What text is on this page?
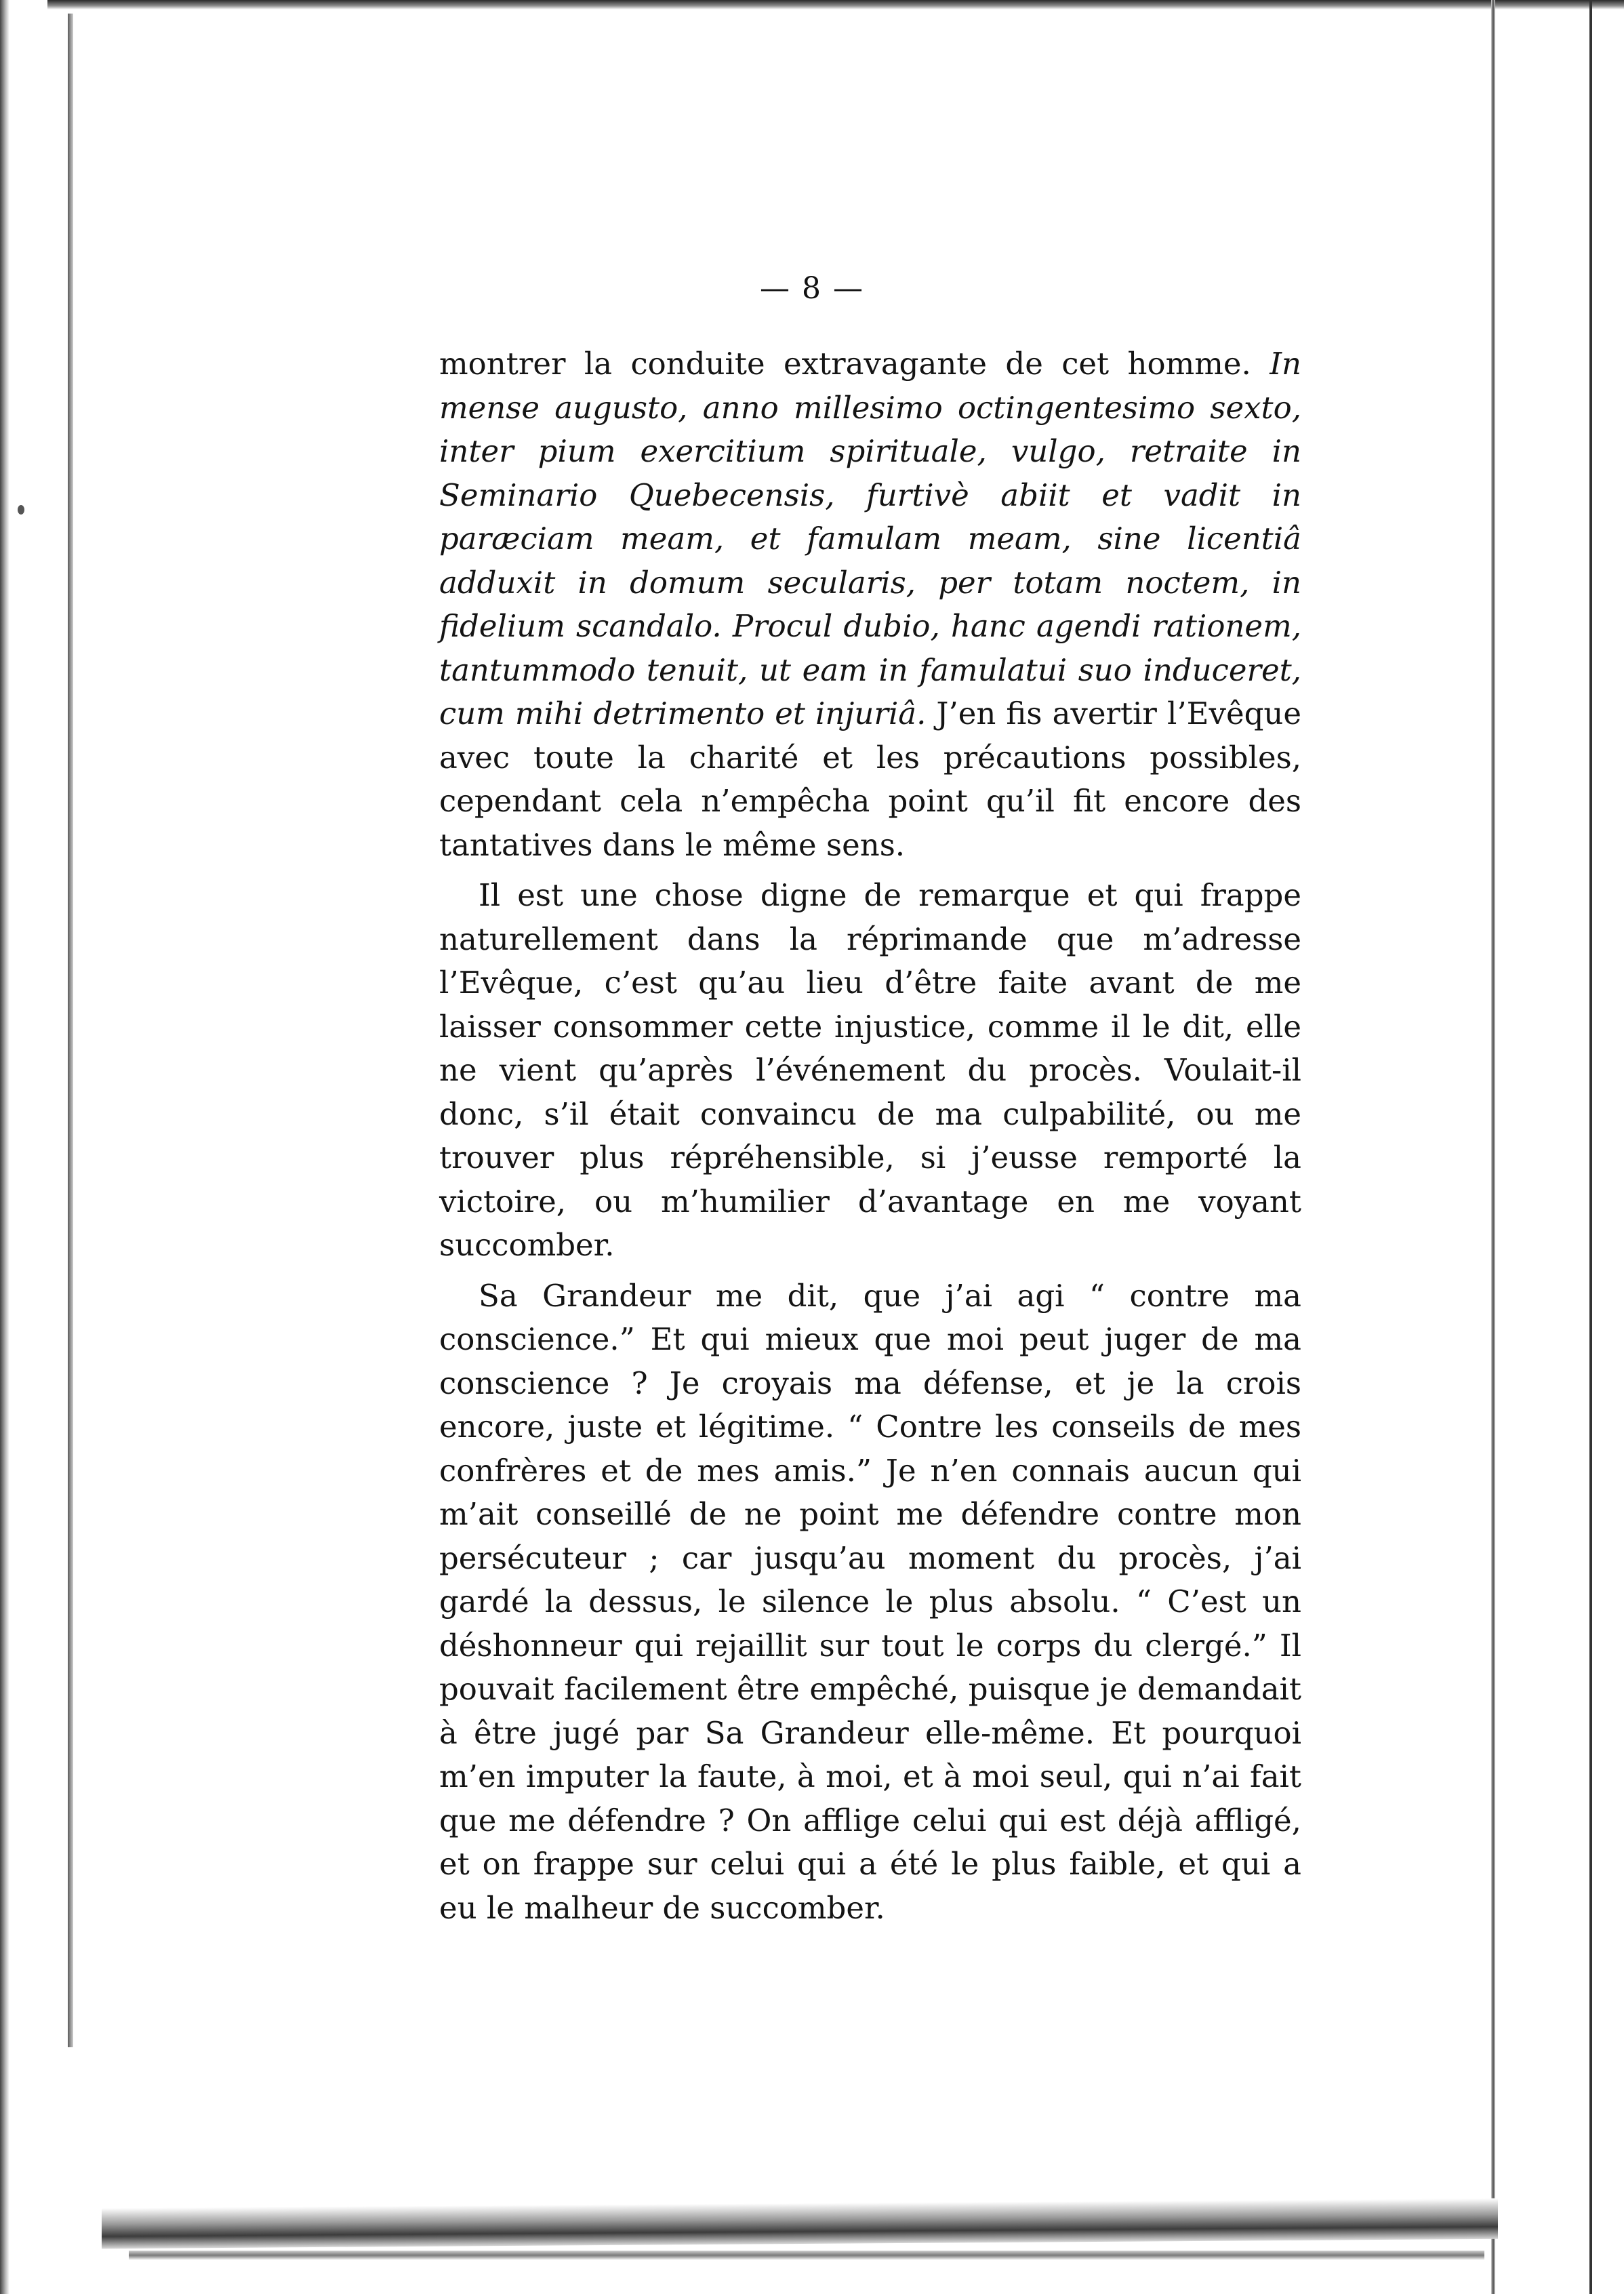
— 8 —

montrer la conduite extravagante de cet homme. In mense augusto, anno millesimo octingentesimo sexto, inter pium exercitium spirituale, vulgo, retraite in Seminario Quebecensis, furtivè abiit et vadit in paræciam meam, et famulam meam, sine licentiâ adduxit in domum secularis, per totam noctem, in fidelium scandalo. Procul dubio, hanc agendi rationem, tantummodo tenuit, ut eam in famulatui suo induceret, cum mihi detrimento et injuriâ. J’en fis avertir l’Evêque avec toute la charité et les précautions possibles, cependant cela n’empêcha point qu’il fit encore des tantatives dans le même sens.

Il est une chose digne de remarque et qui frappe naturellement dans la réprimande que m’adresse l’Evêque, c’est qu’au lieu d’être faite avant de me laisser consommer cette injustice, comme il le dit, elle ne vient qu’après l’événement du procès. Voulait-il donc, s’il était convaincu de ma culpabilité, ou me trouver plus répréhensible, si j’eusse remporté la victoire, ou m’humilier d’avantage en me voyant succomber.

Sa Grandeur me dit, que j’ai agi “ contre ma conscience.” Et qui mieux que moi peut juger de ma conscience ? Je croyais ma défense, et je la crois encore, juste et légitime. “ Contre les conseils de mes confrères et de mes amis.” Je n’en connais aucun qui m’ait conseillé de ne point me défendre contre mon persécuteur ; car jusqu’au moment du procès, j’ai gardé la dessus, le silence le plus absolu. “ C’est un déshonneur qui rejaillit sur tout le corps du clergé.” Il pouvait facilement être empêché, puisque je demandait à être jugé par Sa Grandeur elle-même. Et pourquoi m’en imputer la faute, à moi, et à moi seul, qui n’ai fait que me défendre ? On afflige celui qui est déjà affligé, et on frappe sur celui qui a été le plus faible, et qui a eu le malheur de succomber.
